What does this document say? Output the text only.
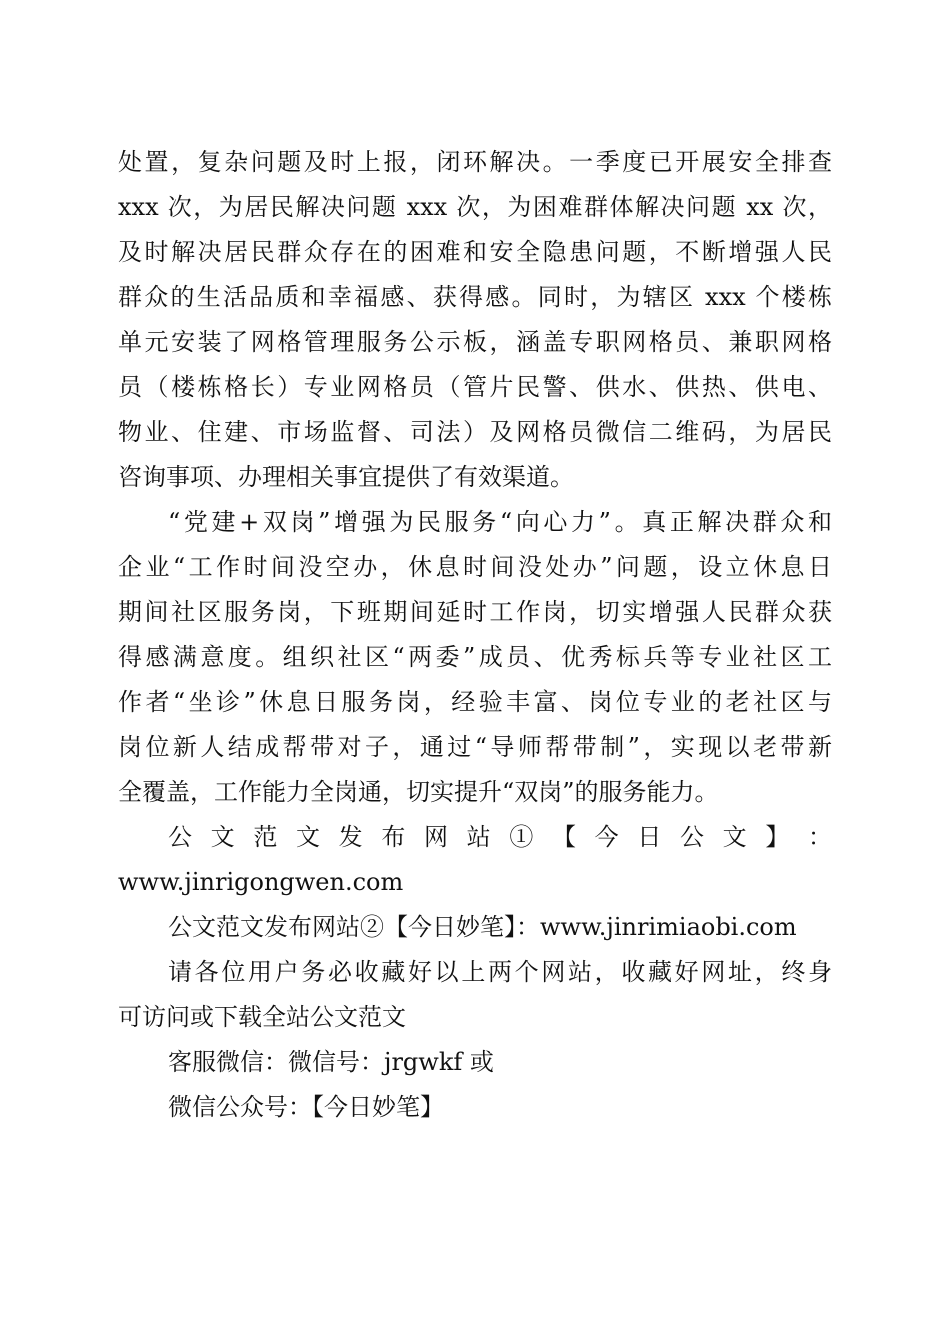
处置，复杂问题及时上报，闭环解决。一季度已开展安全排查
xxx 次，为居民解决问题 xxx 次，为困难群体解决问题 xx 次，
及时解决居民群众存在的困难和安全隐患问题，不断增强人民
群众的生活品质和幸福感、获得感。同时，为辖区 xxx 个楼栋
单元安装了网格管理服务公示板，涵盖专职网格员、兼职网格
员（楼栋格长）专业网格员（管片民警、供水、供热、供电、
物业、住建、市场监督、司法）及网格员微信二维码，为居民
咨询事项、办理相关事宜提供了有效渠道。
“党建+双岗”增强为民服务“向心力”。真正解决群众和
企业“工作时间没空办，休息时间没处办”问题，设立休息日
期间社区服务岗，下班期间延时工作岗，切实增强人民群众获
得感满意度。组织社区“两委”成员、优秀标兵等专业社区工
作者“坐诊”休息日服务岗，经验丰富、岗位专业的老社区与
岗位新人结成帮带对子，通过“导师帮带制”，实现以老带新
全覆盖，工作能力全岗通，切实提升“双岗”的服务能力。
公 文 范 文 发 布 网 站 ① 【 今 日 公 文 】 ：
www.jinrigongwen.com
公文范文发布网站②【今日妙笔】：www.jinrimiaobi.com
请各位用户务必收藏好以上两个网站，收藏好网址，终身
可访问或下载全站公文范文
客服微信：微信号：jrgwkf 或
微信公众号：【今日妙笔】
